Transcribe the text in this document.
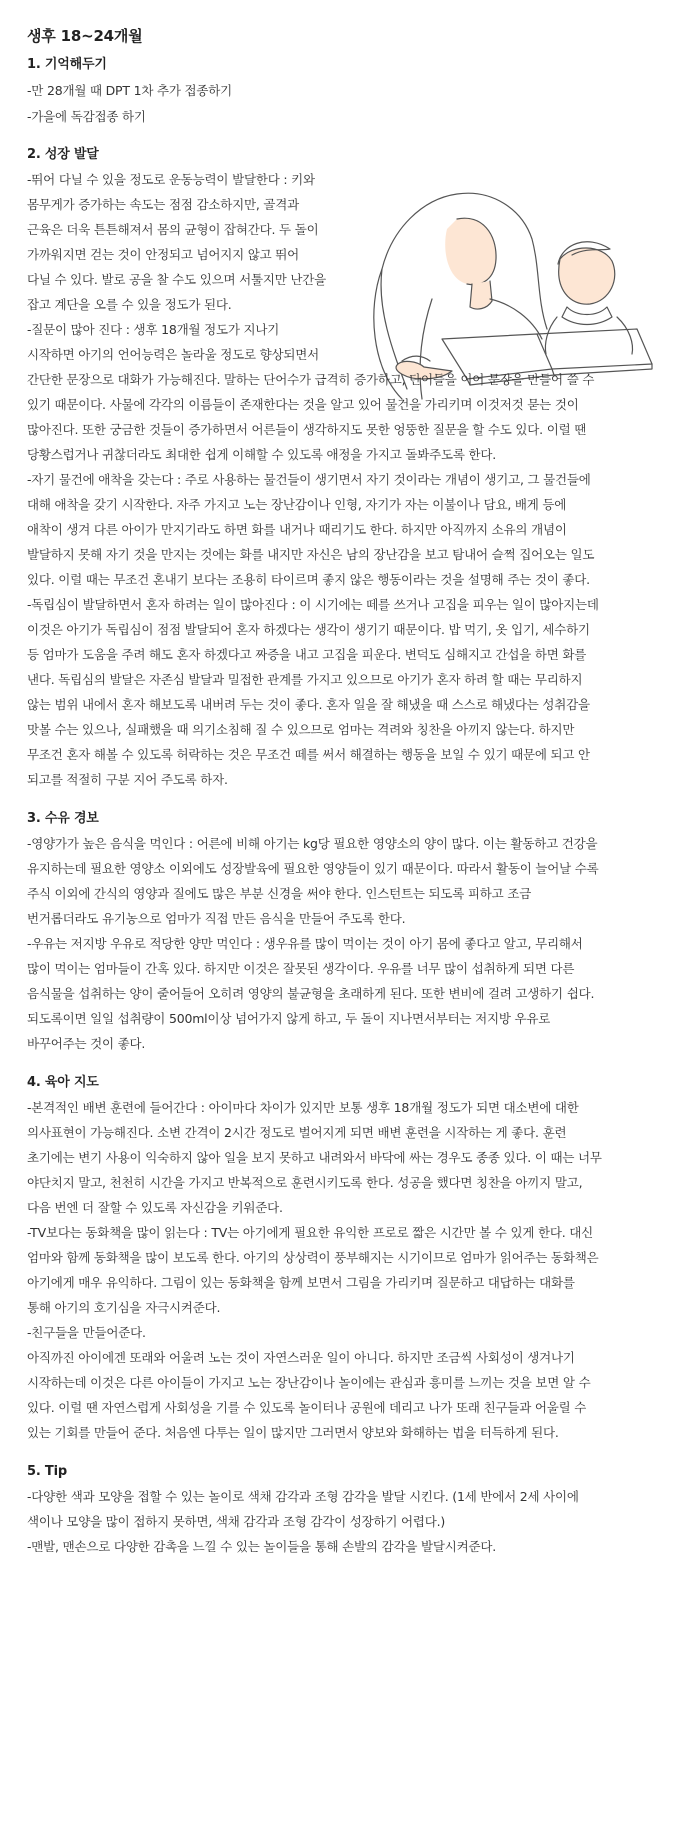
생후 18~24개월
1. 기억해두기
-만 28개월 때 DPT 1차 추가 접종하기
-가을에 독감접종 하기
2. 성장 발달
-뛰어 다닐 수 있을 정도로 운동능력이 발달한다 : 키와
몸무게가 증가하는 속도는 점점 감소하지만, 골격과
근육은 더욱 튼튼해져서 몸의 균형이 잡혀간다. 두 돌이
가까워지면 걷는 것이 안정되고 넘어지지 않고 뛰어
다닐 수 있다. 발로 공을 찰 수도 있으며 서툴지만 난간을
잡고 계단을 오를 수 있을 정도가 된다.
-질문이 많아 진다 : 생후 18개월 정도가 지나기
시작하면 아기의 언어능력은 놀라울 정도로 향상되면서
간단한 문장으로 대화가 가능해진다. 말하는 단어수가 급격히 증가하고, 단어들을 이어 문장을 만들어 쓸 수
있기 때문이다. 사물에 각각의 이름들이 존재한다는 것을 알고 있어 물건을 가리키며 이것저것 묻는 것이
많아진다. 또한 궁금한 것들이 증가하면서 어른들이 생각하지도 못한 엉뚱한 질문을 할 수도 있다. 이럴 땐
당황스럽거나 귀찮더라도 최대한 쉽게 이해할 수 있도록 애정을 가지고 돌봐주도록 한다.
-자기 물건에 애착을 갖는다 : 주로 사용하는 물건들이 생기면서 자기 것이라는 개념이 생기고, 그 물건들에
대해 애착을 갖기 시작한다. 자주 가지고 노는 장난감이나 인형, 자기가 자는 이불이나 담요, 배게 등에
애착이 생겨 다른 아이가 만지기라도 하면 화를 내거나 때리기도 한다. 하지만 아직까지 소유의 개념이
발달하지 못해 자기 것을 만지는 것에는 화를 내지만 자신은 남의 장난감을 보고 탐내어 슬쩍 집어오는 일도
있다. 이럴 때는 무조건 혼내기 보다는 조용히 타이르며 좋지 않은 행동이라는 것을 설명해 주는 것이 좋다.
-독립심이 발달하면서 혼자 하려는 일이 많아진다 : 이 시기에는 떼를 쓰거나 고집을 피우는 일이 많아지는데
이것은 아기가 독립심이 점점 발달되어 혼자 하겠다는 생각이 생기기 때문이다. 밥 먹기, 옷 입기, 세수하기
등 엄마가 도움을 주려 해도 혼자 하겠다고 짜증을 내고 고집을 피운다. 변덕도 심해지고 간섭을 하면 화를
낸다. 독립심의 발달은 자존심 발달과 밀접한 관계를 가지고 있으므로 아기가 혼자 하려 할 때는 무리하지
않는 범위 내에서 혼자 해보도록 내버려 두는 것이 좋다. 혼자 일을 잘 해냈을 때 스스로 해냈다는 성취감을
맛볼 수는 있으나, 실패했을 때 의기소침해 질 수 있으므로 엄마는 격려와 칭찬을 아끼지 않는다. 하지만
무조건 혼자 해볼 수 있도록 허락하는 것은 무조건 떼를 써서 해결하는 행동을 보일 수 있기 때문에 되고 안
되고를 적절히 구분 지어 주도록 하자.
3. 수유 경보
-영양가가 높은 음식을 먹인다 : 어른에 비해 아기는 kg당 필요한 영양소의 양이 많다. 이는 활동하고 건강을
유지하는데 필요한 영양소 이외에도 성장발육에 필요한 영양들이 있기 때문이다. 따라서 활동이 늘어날 수록
주식 이외에 간식의 영양과 질에도 많은 부분 신경을 써야 한다. 인스턴트는 되도록 피하고 조금
번거롭더라도 유기농으로 엄마가 직접 만든 음식을 만들어 주도록 한다.
-우유는 저지방 우유로 적당한 양만 먹인다 : 생우유를 많이 먹이는 것이 아기 몸에 좋다고 알고, 무리해서
많이 먹이는 엄마들이 간혹 있다. 하지만 이것은 잘못된 생각이다. 우유를 너무 많이 섭취하게 되면 다른
음식물을 섭취하는 양이 줄어들어 오히려 영양의 불균형을 초래하게 된다. 또한 변비에 걸려 고생하기 쉽다.
되도록이면 일일 섭취량이 500ml이상 넘어가지 않게 하고, 두 돌이 지나면서부터는 저지방 우유로
바꾸어주는 것이 좋다.
4. 육아 지도
-본격적인 배변 훈련에 들어간다 : 아이마다 차이가 있지만 보통 생후 18개월 정도가 되면 대소변에 대한
의사표현이 가능해진다. 소변 간격이 2시간 정도로 벌어지게 되면 배변 훈련을 시작하는 게 좋다. 훈련
초기에는 변기 사용이 익숙하지 않아 일을 보지 못하고 내려와서 바닥에 싸는 경우도 종종 있다. 이 때는 너무
야단치지 말고, 천천히 시간을 가지고 반복적으로 훈련시키도록 한다. 성공을 했다면 칭찬을 아끼지 말고,
다음 번엔 더 잘할 수 있도록 자신감을 키워준다.
-TV보다는 동화책을 많이 읽는다 : TV는 아기에게 필요한 유익한 프로로 짧은 시간만 볼 수 있게 한다. 대신
엄마와 함께 동화책을 많이 보도록 한다. 아기의 상상력이 풍부해지는 시기이므로 엄마가 읽어주는 동화책은
아기에게 매우 유익하다. 그림이 있는 동화책을 함께 보면서 그림을 가리키며 질문하고 대답하는 대화를
통해 아기의 호기심을 자극시켜준다.
-친구들을 만들어준다.
아직까진 아이에겐 또래와 어울려 노는 것이 자연스러운 일이 아니다. 하지만 조금씩 사회성이 생겨나기
시작하는데 이것은 다른 아이들이 가지고 노는 장난감이나 놀이에는 관심과 흥미를 느끼는 것을 보면 알 수
있다. 이럴 땐 자연스럽게 사회성을 기를 수 있도록 놀이터나 공원에 데리고 나가 또래 친구들과 어울릴 수
있는 기회를 만들어 준다. 처음엔 다투는 일이 많지만 그러면서 양보와 화해하는 법을 터득하게 된다.
5. Tip
-다양한 색과 모양을 접할 수 있는 놀이로 색채 감각과 조형 감각을 발달 시킨다. (1세 반에서 2세 사이에
색이나 모양을 많이 접하지 못하면, 색채 감각과 조형 감각이 성장하기 어렵다.)
-맨발, 맨손으로 다양한 감촉을 느낄 수 있는 놀이들을 통해 손발의 감각을 발달시켜준다.
